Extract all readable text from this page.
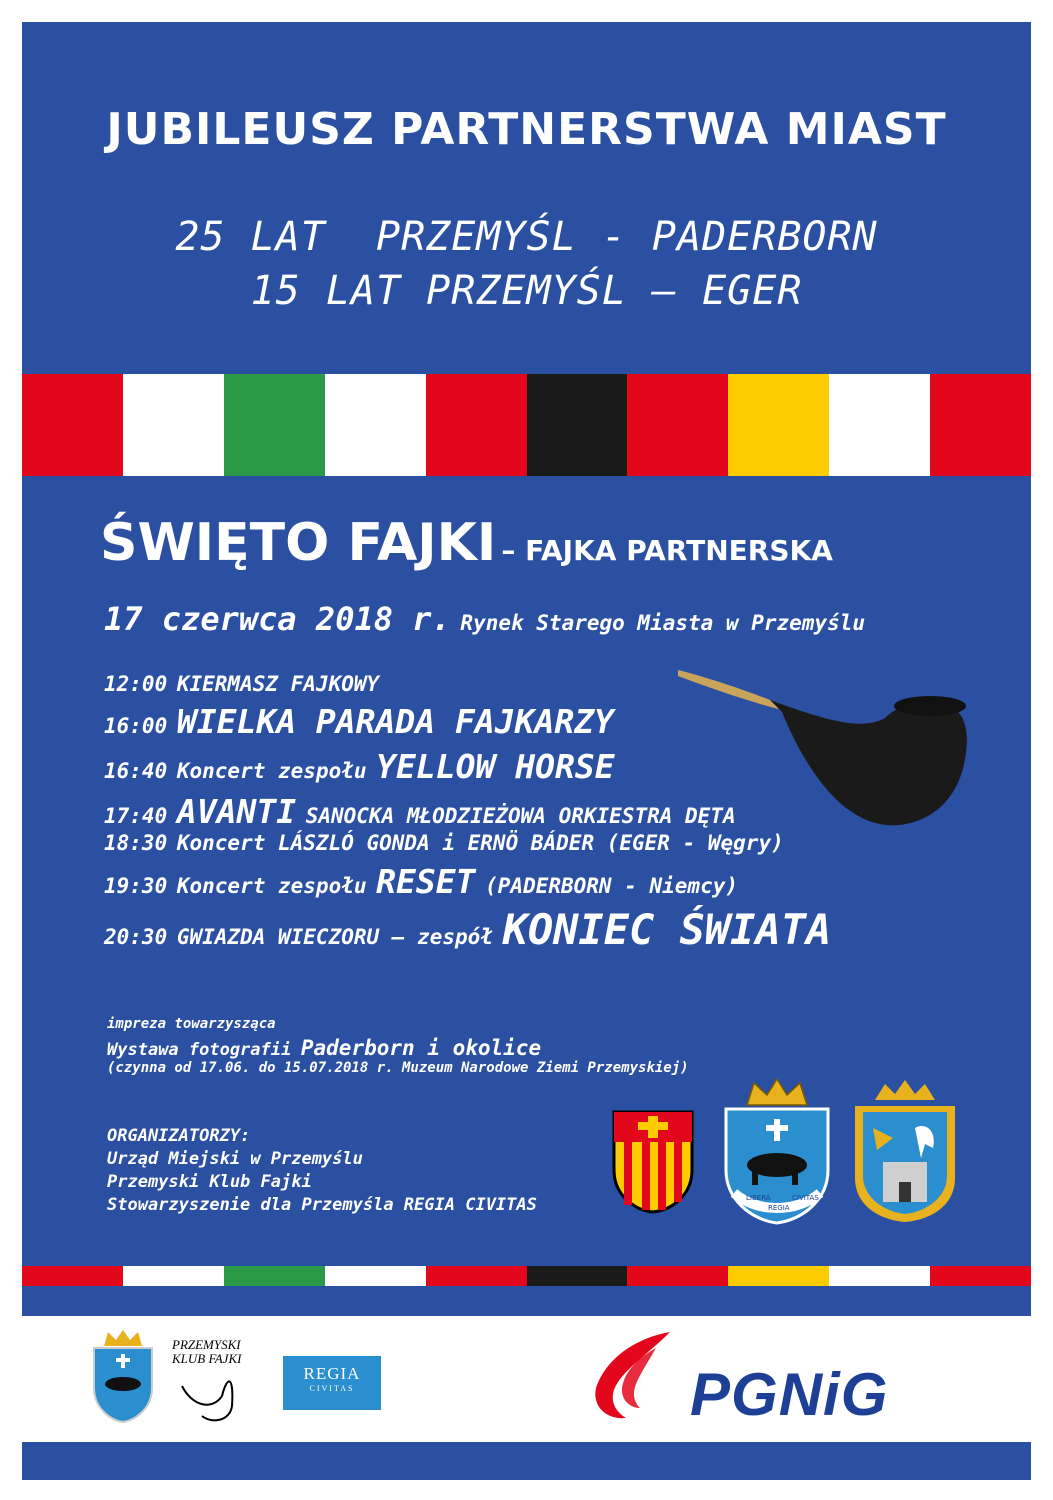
JUBILEUSZ PARTNERSTWA MIAST
25 LAT  PRZEMYŚL - PADERBORN
15 LAT PRZEMYŚL – EGER
ŚWIĘTO FAJKI – FAJKA PARTNERSKA
17 czerwca 2018 r. Rynek Starego Miasta w Przemyślu
12:00 KIERMASZ FAJKOWY
16:00 WIELKA PARADA FAJKARZY
16:40 Koncert zespołu YELLOW HORSE
17:40 AVANTI SANOCKA MŁODZIEŻOWA ORKIESTRA DĘTA
18:30 Koncert LÁSZLÓ GONDA i ERNÖ BÁDER (EGER - Węgry)
19:30 Koncert zespołu RESET (PADERBORN - Niemcy)
20:30 GWIAZDA WIECZORU – zespół KONIEC ŚWIATA
impreza towarzysząca
Wystawa fotografii Paderborn i okolice
(czynna od 17.06. do 15.07.2018 r. Muzeum Narodowe Ziemi Przemyskiej)
ORGANIZATORZY:
Urząd Miejski w Przemyślu
Przemyski Klub Fajki
Stowarzyszenie dla Przemyśla REGIA CIVITAS	LIBERA
REGIA
CIVITAS
PRZEMYSKI KLUB FAJKI
REGIA
CIVITAS	PGNiG
